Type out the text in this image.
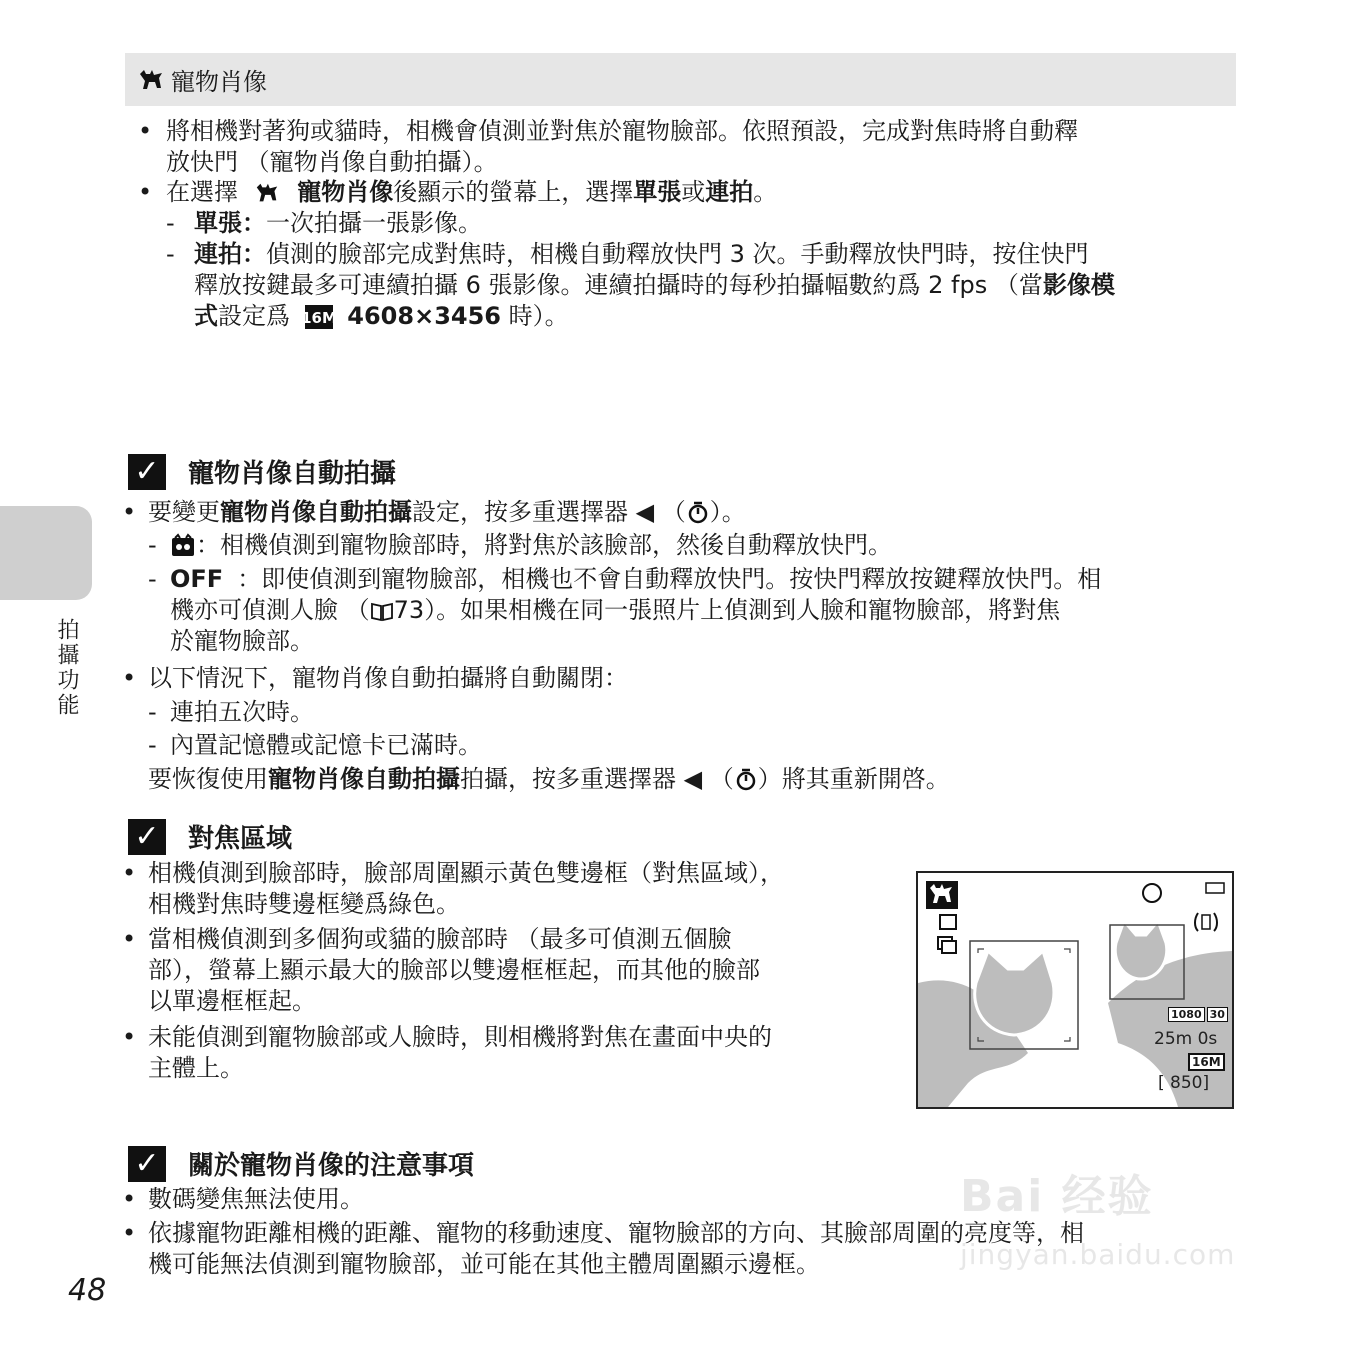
寵物肖像
• 將相機對著狗或貓時，相機會偵測並對焦於寵物臉部。依照預設，完成對焦時將自動釋
放快門 （寵物肖像自動拍攝）。
• 在選擇 寵物肖像後顯示的螢幕上，選擇單張或連拍。
- 單張：一次拍攝一張影像。
- 連拍：偵測的臉部完成對焦時，相機自動釋放快門 3 次。手動釋放快門時，按住快門
釋放按鍵最多可連續拍攝 6 張影像。連續拍攝時的每秒拍攝幅數約爲 2 fps （當影像模
式設定爲 16M 4608×3456 時）。
✓ 寵物肖像自動拍攝
• 要變更寵物肖像自動拍攝設定，按多重選擇器 ◀ （ ）。
-	：相機偵測到寵物臉部時，將對焦於該臉部，然後自動釋放快門。
- OFF ：即使偵測到寵物臉部，相機也不會自動釋放快門。按快門釋放按鍵釋放快門。相
機亦可偵測人臉 （ 73）。如果相機在同一張照片上偵測到人臉和寵物臉部，將對焦
於寵物臉部。
• 以下情況下，寵物肖像自動拍攝將自動關閉：
- 連拍五次時。
- 內置記憶體或記憶卡已滿時。
要恢復使用寵物肖像自動拍攝拍攝，按多重選擇器 ◀ （ ）將其重新開啓。
✓ 對焦區域
• 相機偵測到臉部時，臉部周圍顯示黃色雙邊框（對焦區域），
相機對焦時雙邊框變爲綠色。
• 當相機偵測到多個狗或貓的臉部時 （最多可偵測五個臉
部），螢幕上顯示最大的臉部以雙邊框框起，而其他的臉部
以單邊框框起。
• 未能偵測到寵物臉部或人臉時，則相機將對焦在畫面中央的
主體上。
1080 30
25m 0s
16M
[ 850]
✓ 關於寵物肖像的注意事項
• 數碼變焦無法使用。
• 依據寵物距離相機的距離、寵物的移動速度、寵物臉部的方向、其臉部周圍的亮度等，相
機可能無法偵測到寵物臉部，並可能在其他主體周圍顯示邊框。
拍攝功能
48
Bai 经验
jingyan.baidu.com
